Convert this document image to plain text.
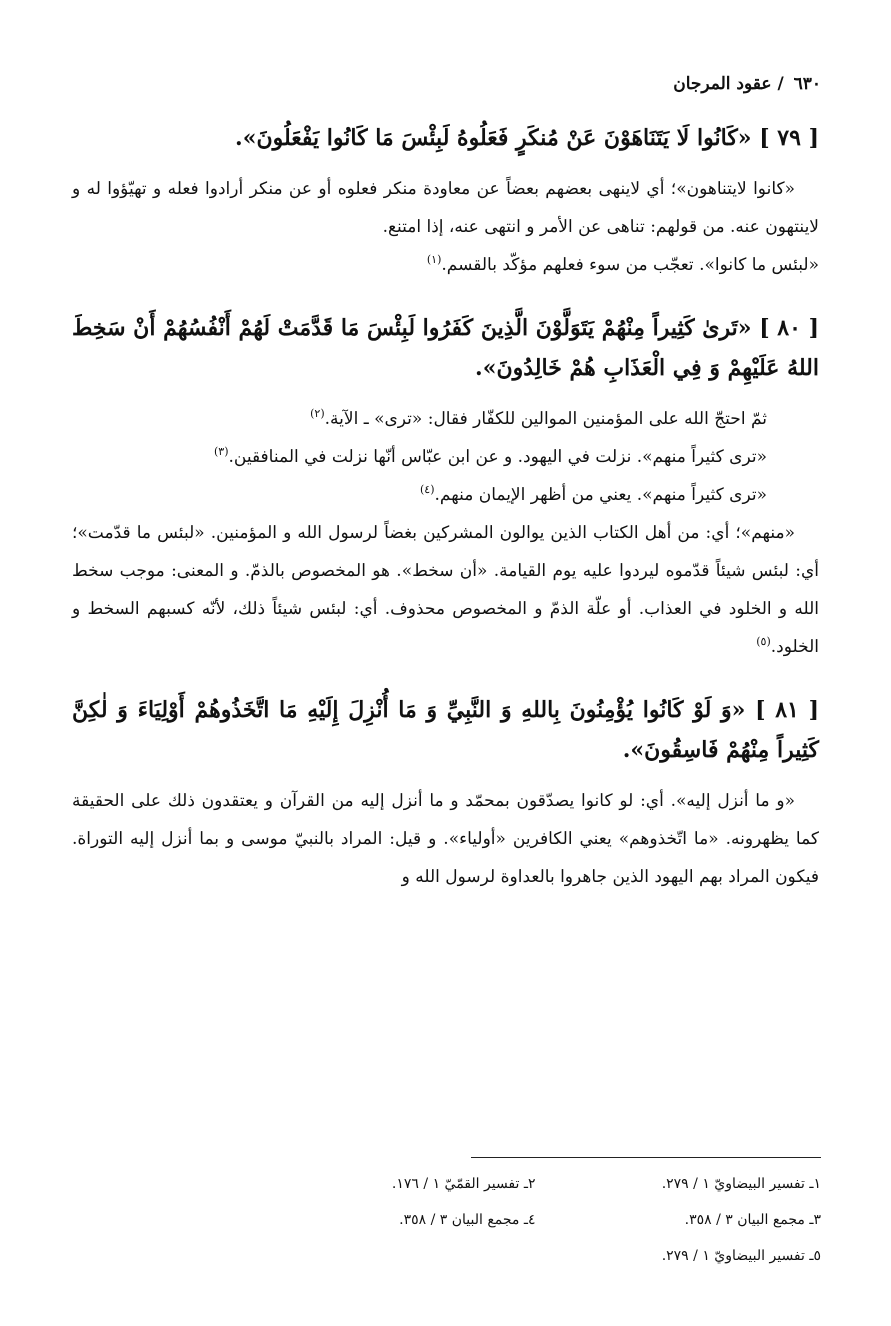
٦٣٠ / عقود المرجان

[ ٧٩ ] «كَانُوا لَا يَتَنَاهَوْنَ عَنْ مُنكَرٍ فَعَلُوهُ لَبِئْسَ مَا كَانُوا يَفْعَلُونَ».

«كانوا لايتناهون»؛ أي لاينهى بعضهم بعضاً عن معاودة منكر فعلوه أو عن منكر أرادوا فعله و تهيّؤوا له و لاينتهون عنه. من قولهم: تناهى عن الأمر و انتهى عنه، إذا امتنع.

«لبئس ما كانوا». تعجّب من سوء فعلهم مؤكّد بالقسم.$^{(١)}$

[ ٨٠ ] «تَرىٰ كَثِيراً مِنْهُمْ يَتَوَلَّوْنَ الَّذِينَ كَفَرُوا لَبِئْسَ مَا قَدَّمَتْ لَهُمْ أَنْفُسُهُمْ أَنْ سَخِطَ اللهُ عَلَيْهِمْ وَ فِي الْعَذَابِ هُمْ خَالِدُونَ».

ثمّ احتجّ الله على المؤمنين الموالين للكفّار فقال: «ترى» ـ الآية.$^{(٢)}$

«ترى كثيراً منهم». نزلت في اليهود. و عن ابن عبّاس أنّها نزلت في المنافقين.$^{(٣)}$

«ترى كثيراً منهم». يعني من أظهر الإيمان منهم.$^{(٤)}$

«منهم»؛ أي: من أهل الكتاب الذين يوالون المشركين بغضاً لرسول الله و المؤمنين. «لبئس ما قدّمت»؛ أي: لبئس شيئاً قدّموه ليردوا عليه يوم القيامة. «أن سخط». هو المخصوص بالذمّ. و المعنى: موجب سخط الله و الخلود في العذاب. أو علّة الذمّ و المخصوص محذوف. أي: لبئس شيئاً ذلك، لأنّه كسبهم السخط و الخلود.$^{(٥)}$

[ ٨١ ] «وَ لَوْ كَانُوا يُؤْمِنُونَ بِاللهِ وَ النَّبِيِّ وَ مَا أُنْزِلَ إِلَيْهِ مَا اتَّخَذُوهُمْ أَوْلِيَاءَ وَ لٰكِنَّ كَثِيراً مِنْهُمْ فَاسِقُونَ».

«و ما أنزل إليه». أي: لو كانوا يصدّقون بمحمّد و ما أنزل إليه من القرآن و يعتقدون ذلك على الحقيقة كما يظهرونه. «ما اتّخذوهم» يعني الكافرين «أولياء». و قيل: المراد بالنبيّ موسى و بما أنزل إليه التوراة. فيكون المراد بهم اليهود الذين جاهروا بالعداوة لرسول الله و

١ـ تفسير البيضاويّ ١ / ٢٧٩.
٢ـ تفسير القمّيّ ١ / ١٧٦.
٣ـ مجمع البيان ٣ / ٣٥٨.
٤ـ مجمع البيان ٣ / ٣٥٨.
٥ـ تفسير البيضاويّ ١ / ٢٧٩.
